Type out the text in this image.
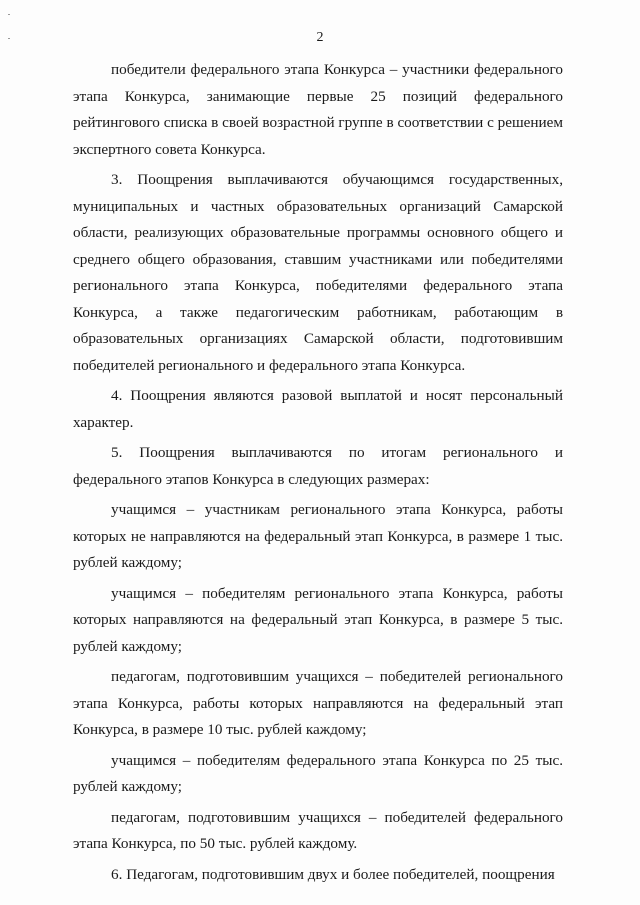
2

победители федерального этапа Конкурса – участники федерального этапа Конкурса, занимающие первые 25 позиций федерального рейтингового списка в своей возрастной группе в соответствии с решением экспертного совета Конкурса.

3. Поощрения выплачиваются обучающимся государственных, муниципальных и частных образовательных организаций Самарской области, реализующих образовательные программы основного общего и среднего общего образования, ставшим участниками или победителями регионального этапа Конкурса, победителями федерального этапа Конкурса, а также педагогическим работникам, работающим в образовательных организациях Самарской области, подготовившим победителей регионального и федерального этапа Конкурса.

4. Поощрения являются разовой выплатой и носят персональный характер.

5. Поощрения выплачиваются по итогам регионального и федерального этапов Конкурса в следующих размерах:

учащимся – участникам регионального этапа Конкурса, работы которых не направляются на федеральный этап Конкурса, в размере 1 тыс. рублей каждому;

учащимся – победителям регионального этапа Конкурса, работы которых направляются на федеральный этап Конкурса, в размере 5 тыс. рублей каждому;

педагогам, подготовившим учащихся – победителей регионального этапа Конкурса, работы которых направляются на федеральный этап Конкурса, в размере 10 тыс. рублей каждому;

учащимся – победителям федерального этапа Конкурса по 25 тыс. рублей каждому;

педагогам, подготовившим учащихся – победителей федерального этапа Конкурса, по 50 тыс. рублей каждому.

6. Педагогам, подготовившим двух и более победителей, поощрения
